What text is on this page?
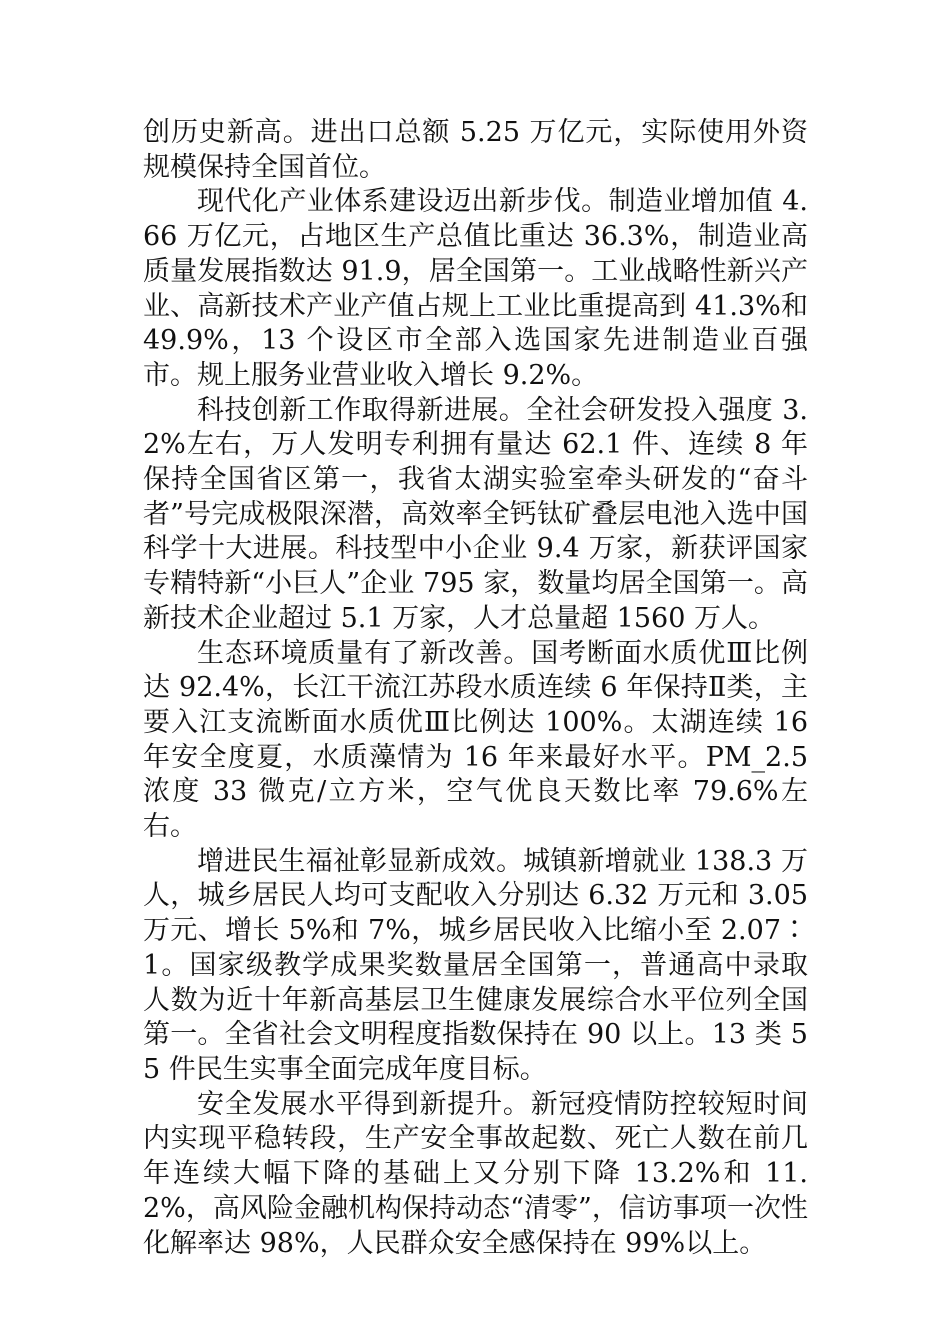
创历史新高。进出口总额 5.25 万亿元，实际使用外资规模保持全国首位。

现代化产业体系建设迈出新步伐。制造业增加值 4.66 万亿元，占地区生产总值比重达 36.3%，制造业高质量发展指数达 91.9，居全国第一。工业战略性新兴产业、高新技术产业产值占规上工业比重提高到 41.3%和 49.9%，13 个设区市全部入选国家先进制造业百强市。规上服务业营业收入增长 9.2%。

科技创新工作取得新进展。全社会研发投入强度 3.2%左右，万人发明专利拥有量达 62.1 件、连续 8 年保持全国省区第一，我省太湖实验室牵头研发的“奋斗者”号完成极限深潜，高效率全钙钛矿叠层电池入选中国科学十大进展。科技型中小企业 9.4 万家，新获评国家专精特新“小巨人”企业 795 家，数量均居全国第一。高新技术企业超过 5.1 万家，人才总量超 1560 万人。

生态环境质量有了新改善。国考断面水质优Ⅲ比例达 92.4%，长江干流江苏段水质连续 6 年保持Ⅱ类，主要入江支流断面水质优Ⅲ比例达 100%。太湖连续 16 年安全度夏，水质藻情为 16 年来最好水平。PM_2.5 浓度 33 微克/立方米，空气优良天数比率 79.6%左右。

增进民生福祉彰显新成效。城镇新增就业 138.3 万人，城乡居民人均可支配收入分别达 6.32 万元和 3.05 万元、增长 5%和 7%，城乡居民收入比缩小至 2.07∶1。国家级教学成果奖数量居全国第一，普通高中录取人数为近十年新高基层卫生健康发展综合水平位列全国第一。全省社会文明程度指数保持在 90 以上。13 类 55 件民生实事全面完成年度目标。

安全发展水平得到新提升。新冠疫情防控较短时间内实现平稳转段，生产安全事故起数、死亡人数在前几年连续大幅下降的基础上又分别下降 13.2%和 11.2%，高风险金融机构保持动态“清零”，信访事项一次性化解率达 98%，人民群众安全感保持在 99%以上。
